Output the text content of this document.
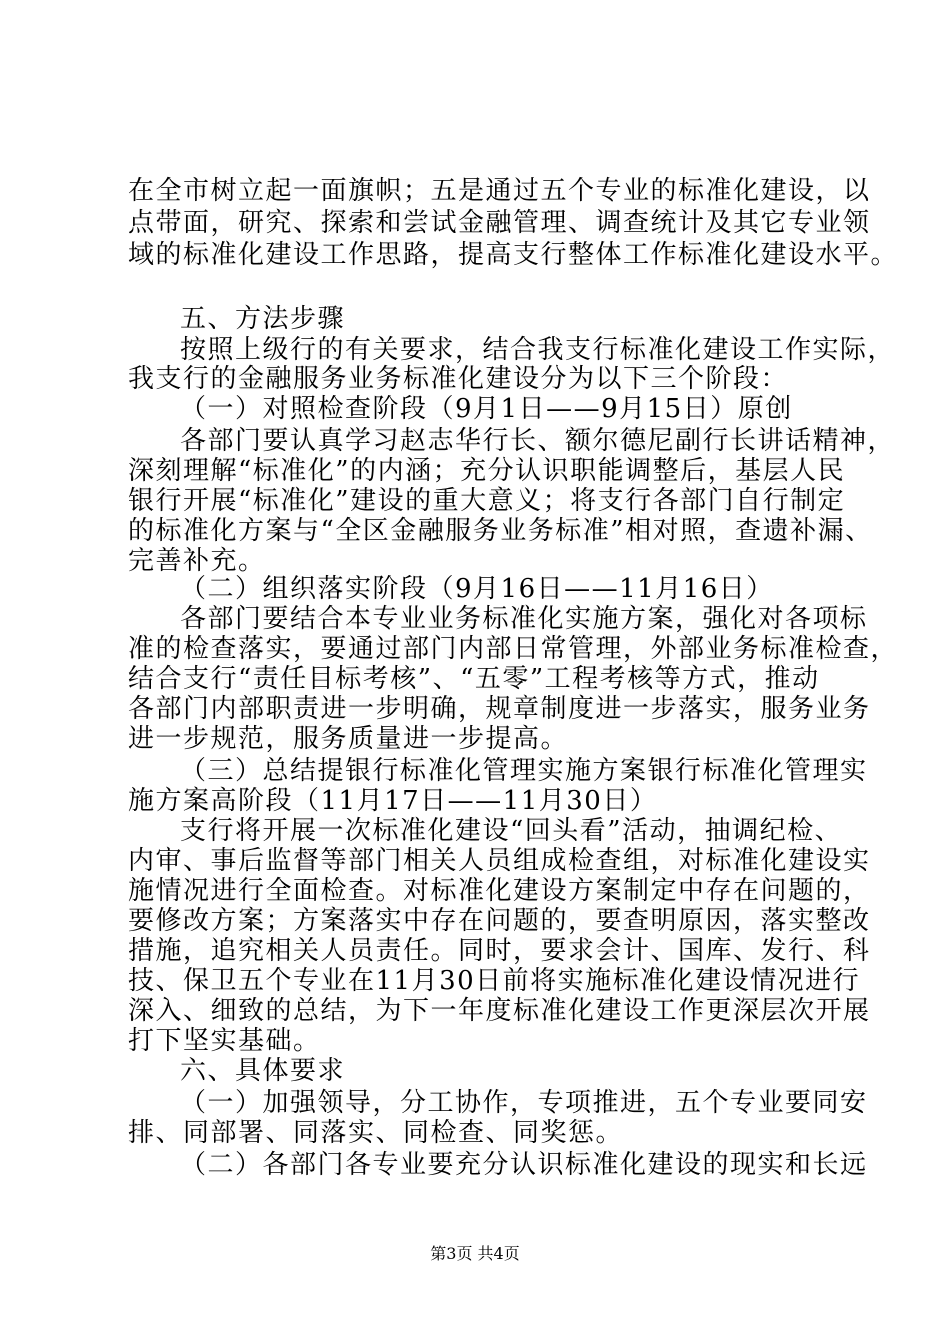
在全市树立起一面旗帜；五是通过五个专业的标准化建设，以
点带面，研究、探索和尝试金融管理、调查统计及其它专业领
域的标准化建设工作思路，提高支行整体工作标准化建设水平。
五、方法步骤
按照上级行的有关要求，结合我支行标准化建设工作实际，
我支行的金融服务业务标准化建设分为以下三个阶段：
（一）对照检查阶段（9月1日——9月15日）原创
各部门要认真学习赵志华行长、额尔德尼副行长讲话精神，
深刻理解“标准化”的内涵；充分认识职能调整后，基层人民
银行开展“标准化”建设的重大意义；将支行各部门自行制定
的标准化方案与“全区金融服务业务标准”相对照，查遗补漏、
完善补充。
（二）组织落实阶段（9月16日——11月16日）
各部门要结合本专业业务标准化实施方案，强化对各项标
准的检查落实，要通过部门内部日常管理，外部业务标准检查，
结合支行“责任目标考核”、“五零”工程考核等方式，推动
各部门内部职责进一步明确，规章制度进一步落实，服务业务
进一步规范，服务质量进一步提高。
（三）总结提银行标准化管理实施方案银行标准化管理实
施方案高阶段（11月17日——11月30日）
支行将开展一次标准化建设“回头看”活动，抽调纪检、
内审、事后监督等部门相关人员组成检查组，对标准化建设实
施情况进行全面检查。对标准化建设方案制定中存在问题的，
要修改方案；方案落实中存在问题的，要查明原因，落实整改
措施，追究相关人员责任。同时，要求会计、国库、发行、科
技、保卫五个专业在11月30日前将实施标准化建设情况进行
深入、细致的总结，为下一年度标准化建设工作更深层次开展
打下坚实基础。
六、具体要求
（一）加强领导，分工协作，专项推进，五个专业要同安
排、同部署、同落实、同检查、同奖惩。
（二）各部门各专业要充分认识标准化建设的现实和长远
第3页 共4页
